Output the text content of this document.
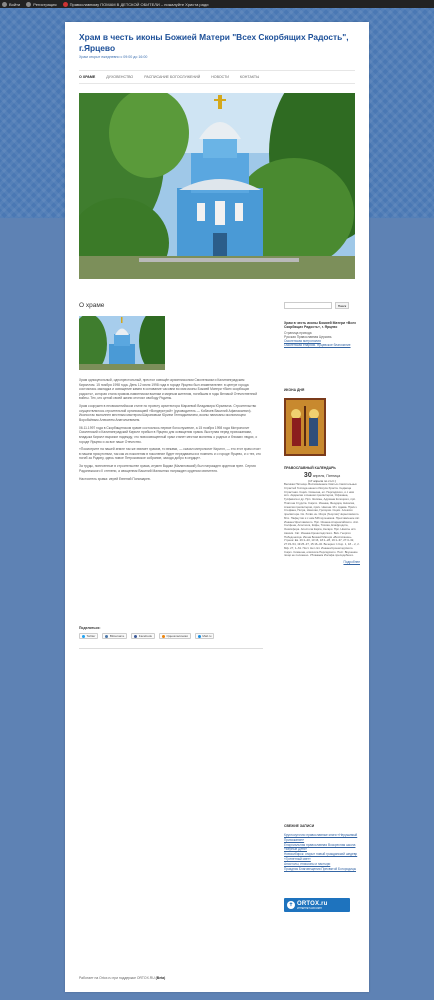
Войти	Регистрация	Православному ПОМАМ В ДЕТСКОЙ ОБИТЕЛИ – пожалуйте Христа ради
Храм в честь иконы Божией Матери "Всех Скорбящих Радость", г.Ярцево
Храм открыт ежедневно с 09:00 до 16:00
О ХРАМЕ	ДУХОВЕНСТВО	РАСПИСАНИЕ БОГОСЛУЖЕНИЙ	НОВОСТИ	КОНТАКТЫ
О храме

Храм однокупольный, однопрестольный, престол освящён архиепископом Смоленским и Калининградским Кириллом. 15 ноября 1998 года. День 12 июля 1998 года в городе Ярцево был знаменателен: в центре города состоялась закладка и освящение камня в основание часовни во имя иконы Божией Матери «Всех скорбящих радость», которая стала храмом-памятником воинам и мирным жителям, погибшим в годы Великой Отечественной войны. Тех, кто ценой своей жизни отстоял свободу Родины.

Храм сооружен в неовизантийском стиле по проекту архитектора Мараевой Владимира Юрьевича. Строительство осуществлялось строительной организацией «Вондерстрой» (руководитель — Кобачев Василий Афанасьевич). Иконостас выполнен местным мастером Шараповым Юрием Геннадьевичем, иконы написаны иконописцем Воробьёвым Алексеем Анатольевичем.

06.11.1997 года в Скорбященском храме состоялось первое богослужение, а 15 ноября 1998 года Митрополит Смоленский и Калининградский Кирилл прибыл в Ярцево для освящения храма. Выступая перед прихожанами, владыка Кирилл выразил надежду, что новоосвященный храм станет местом молитвы о родных и близких людях, о городе Ярцево и за все наше Отечество.

«Посмотрите на нашей земле так же хватает храмов, то веками, — сказал митрополит Кирилл, — это этот храм стоит в нашем присутствии, так как из поколения в поколение будет передаваться и помнить и о городе Ярцево, и о тех, кто погиб за Родину, здесь новое Петроковское собрание, заходя добро в сердце».

За труды, понесенные в строительстве храма, игумен Вадим (Малиновский) был награжден орденом преп. Сергия Радонежского II степени, а священник Василий Мальченко награжден орденом святителя.

Настоятель храма: иерей Евгений Пономарев.

Поделиться:
Twitter	ВКонтакте	Facebook	Одноклассники	Mail.ru
Работает на Ortox.ru при поддержке ORTOX.RU (Beta)
Поиск
Храм в честь иконы Божией Матери «Всех Скорбящих Радость», г. Ярцево
Страница прихода
Русская Православная Церковь
Смоленская митрополия
Смоленская епархия. Ярцевское благочиние
ИКОНА ДНЯ
ПРАВОСЛАВНЫЙ КАЛЕНДАРЬ
30 апреля, Пятница
(17 апреля по ст.ст.)
Великая Пятница. Воспоминание Святых спасительных Страстей Господа нашего Иисуса Христа. Седмица Страстная. Сщмч. Симеона, еп. Персидского, и с ним мчч. Авдиелая и Анании пресвитеров, Усфазана, Гусфазата и др. Прп. Зосимы, Адриана Колоцкого, прп. Платона Студита. Сщмчч. Иоанна, Феодора, Николая, Алексия пресвитеров, прмч. Никона. Мч. Адама. Прмчч. Стефана, Петра, Николая, Григория. Сщмч. Алексия пресвитера. Св. блгвв. кн. Игоря (Георгия) Черниговского. Мчч. Пафнутия и с ним 546 мучеников. Преставление свт. Иоанна Ярославского. Прп. Иоанна Атарнисийского. Апп. Сосфена, Аполлоса, Кифы, Тихика, Епафродита, Онисифора. Апостола Карпа, Кесаря. Прп. Никиты исп. Акахия. Свт. Иоанна Кронштадтского. Вмч. Георгия Победоносца. Икона Божией Матери «Воспитание». Утреня: Ев. 26:1–20, 13:16, 18:1–28, 19:1–37, 27:3–32, 27:33–54, 19:25–37, 15:16–32. Вечерня: 1 Кор. 1, 18 – 2, 2. Мф. 27, 1–61. Пост. Нет свт. Иоанна Кронштадтского. Сщмч. Симеона, епископа Персидского. Пост. Вкушение пищи не положено. Ублажаем Иосифа преподобного.
Подробнее
СВЕЖИЕ ЗАПИСИ
Круглосуточно православные книги «Нерушимый Прихожанин»
Епархиальная православная Воскресная школа «Верные Дети»
Новосибирск: открыт новый гражданский шедевр
«Трепетный свет»
Апостолы, епископы и пастыри
Праздник Благовещения Пресвятой Богородицы
✝ ORTOX.ru
ИНТЕРНЕТ-МАГАЗИН
